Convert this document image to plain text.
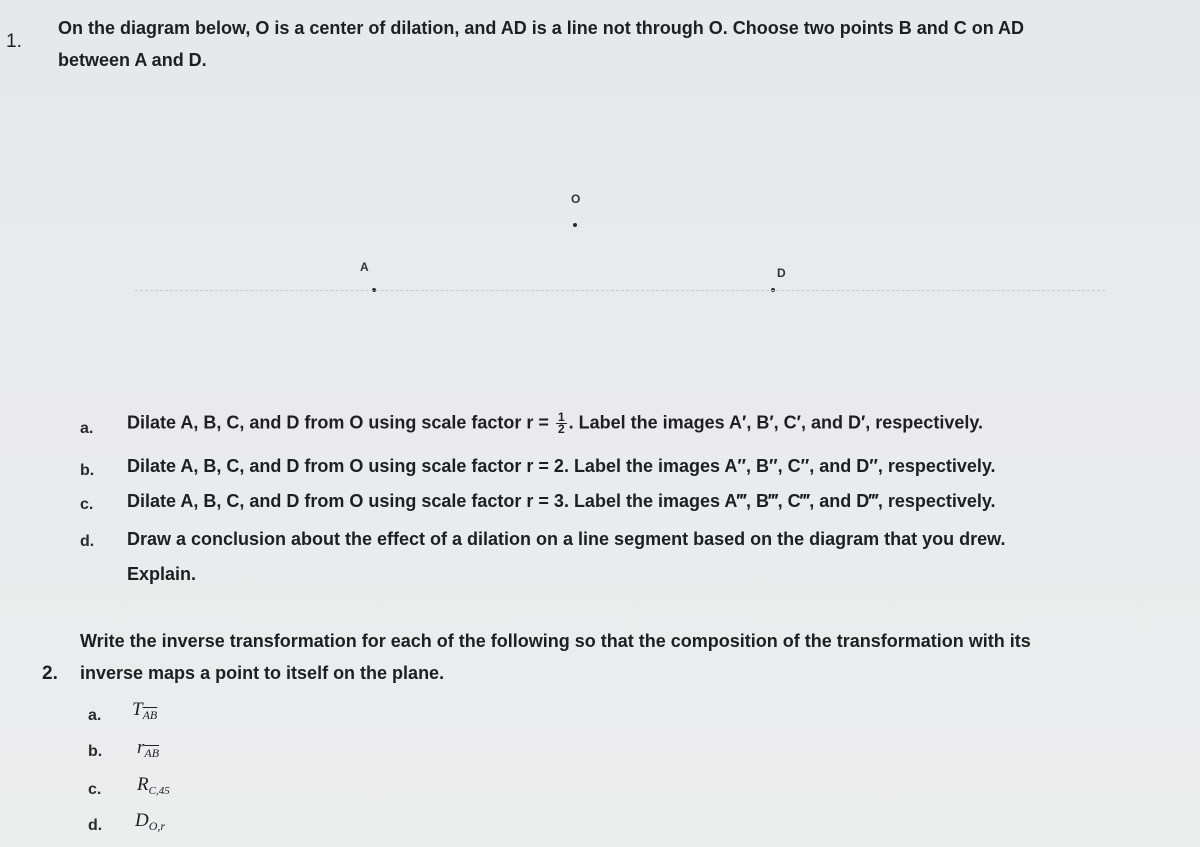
1.
On the diagram below, O is a center of dilation, and AD is a line not through O. Choose two points B and C on AD
between A and D.
O
A	D
a. Dilate A, B, C, and D from O using scale factor $r = \frac{1}{2}$ . Label the images A′, B′, C′, and D′, respectively.
b. Dilate A, B, C, and D from O using scale factor r = 2. Label the images A″, B″, C″, and D″, respectively.
c. Dilate A, B, C, and D from O using scale factor r = 3. Label the images A‴, B‴, C‴, and D‴, respectively.
d. Draw a conclusion about the effect of a dilation on a line segment based on the diagram that you drew.
Explain.
Write the inverse transformation for each of the following so that the composition of the transformation with its
2. inverse maps a point to itself on the plane.
a. $T_{\overline{AB}}$
b. $r_{\overline{AB}}$
c. $R_{C,45}$
d. $D_{O,r}$
